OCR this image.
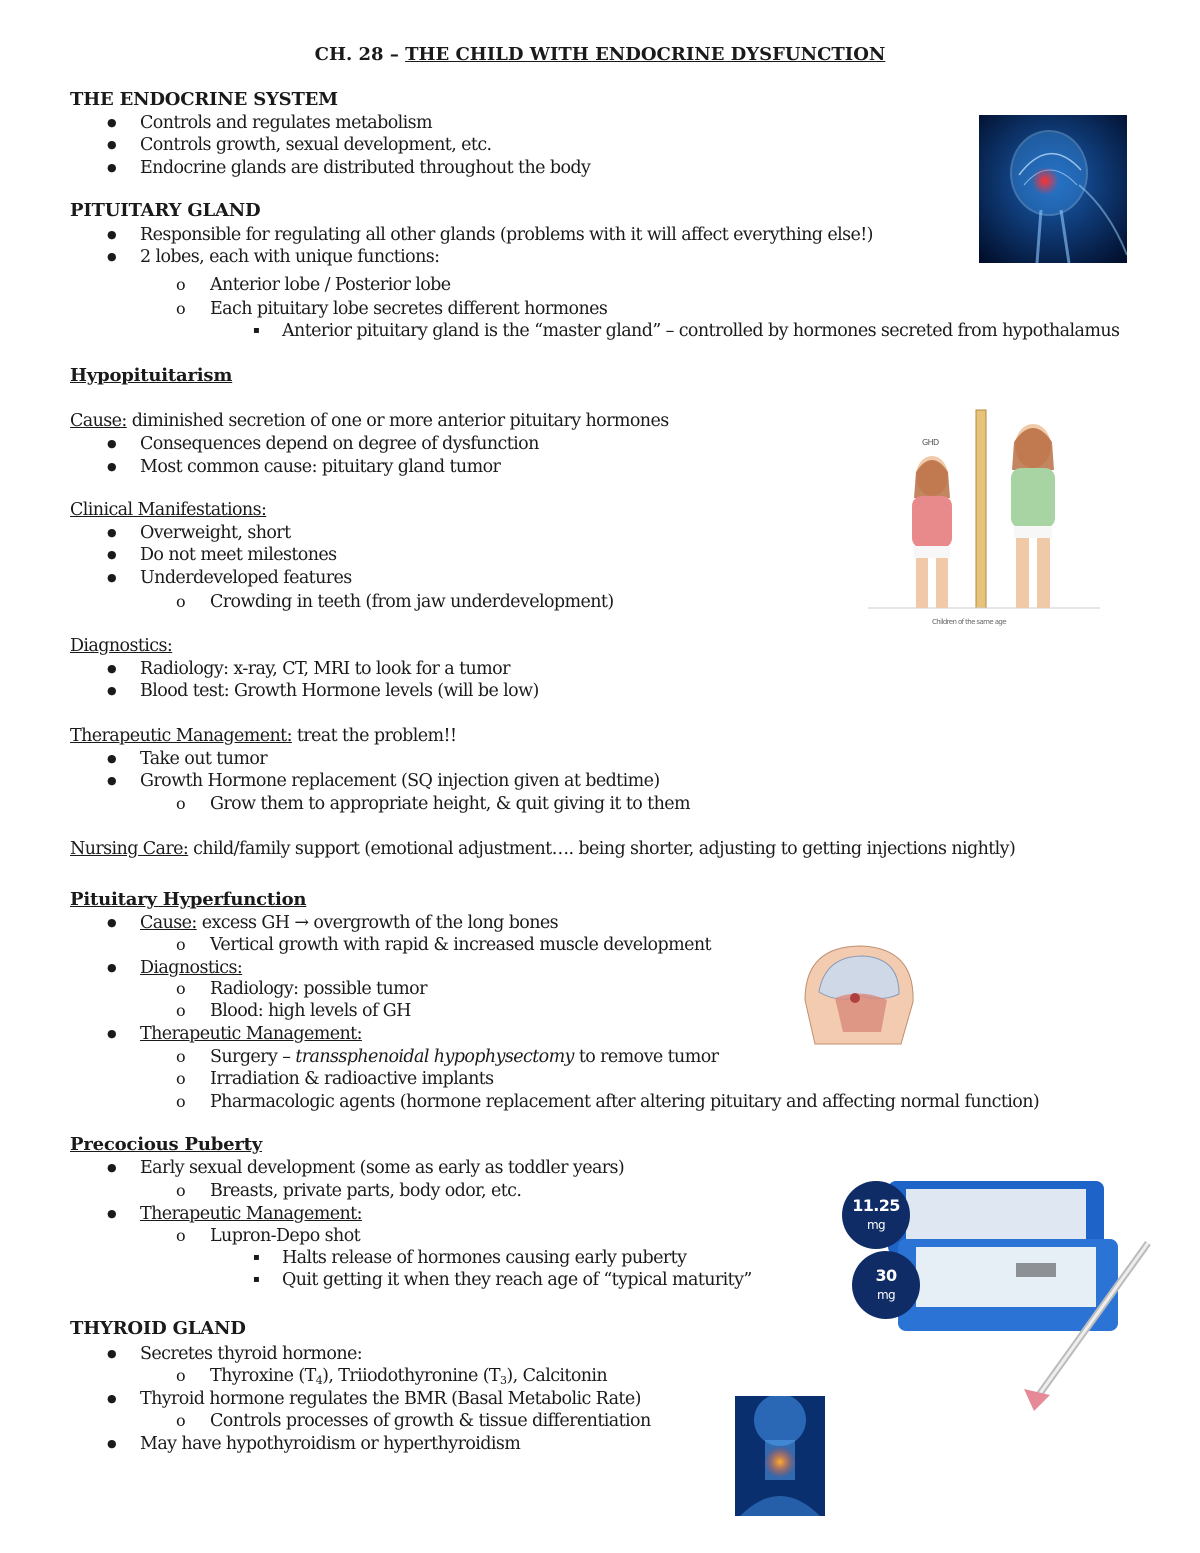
CH. 28 – THE CHILD WITH ENDOCRINE DYSFUNCTION
THE ENDOCRINE SYSTEM
● Controls and regulates metabolism
● Controls growth, sexual development, etc.
● Endocrine glands are distributed throughout the body
PITUITARY GLAND
● Responsible for regulating all other glands (problems with it will affect everything else!)
● 2 lobes, each with unique functions:
o Anterior lobe / Posterior lobe
o Each pituitary lobe secretes different hormones
▪ Anterior pituitary gland is the “master gland” – controlled by hormones secreted from hypothalamus
Hypopituitarism
Cause: diminished secretion of one or more anterior pituitary hormones
● Consequences depend on degree of dysfunction
● Most common cause: pituitary gland tumor
Clinical Manifestations:
● Overweight, short
● Do not meet milestones
● Underdeveloped features
o Crowding in teeth (from jaw underdevelopment)
Diagnostics:
● Radiology: x-ray, CT, MRI to look for a tumor
● Blood test: Growth Hormone levels (will be low)
Therapeutic Management: treat the problem!!
● Take out tumor
● Growth Hormone replacement (SQ injection given at bedtime)
o Grow them to appropriate height, & quit giving it to them
Nursing Care: child/family support (emotional adjustment…. being shorter, adjusting to getting injections nightly)
Pituitary Hyperfunction
● Cause: excess GH → overgrowth of the long bones
o Vertical growth with rapid & increased muscle development
● Diagnostics:
o Radiology: possible tumor
o Blood: high levels of GH
● Therapeutic Management:
o Surgery – transsphenoidal hypophysectomy to remove tumor
o Irradiation & radioactive implants
o Pharmacologic agents (hormone replacement after altering pituitary and affecting normal function)
Precocious Puberty
● Early sexual development (some as early as toddler years)
o Breasts, private parts, body odor, etc.
● Therapeutic Management:
o Lupron-Depo shot
▪ Halts release of hormones causing early puberty
▪ Quit getting it when they reach age of “typical maturity”
THYROID GLAND
● Secretes thyroid hormone:
o Thyroxine $(T_4)$, Triiodothyronine $(T_3)$, Calcitonin
● Thyroid hormone regulates the BMR (Basal Metabolic Rate)
o Controls processes of growth & tissue differentiation
● May have hypothyroidism or hyperthyroidism
GHD
Children of the same age
11.25
mg
30
mg
